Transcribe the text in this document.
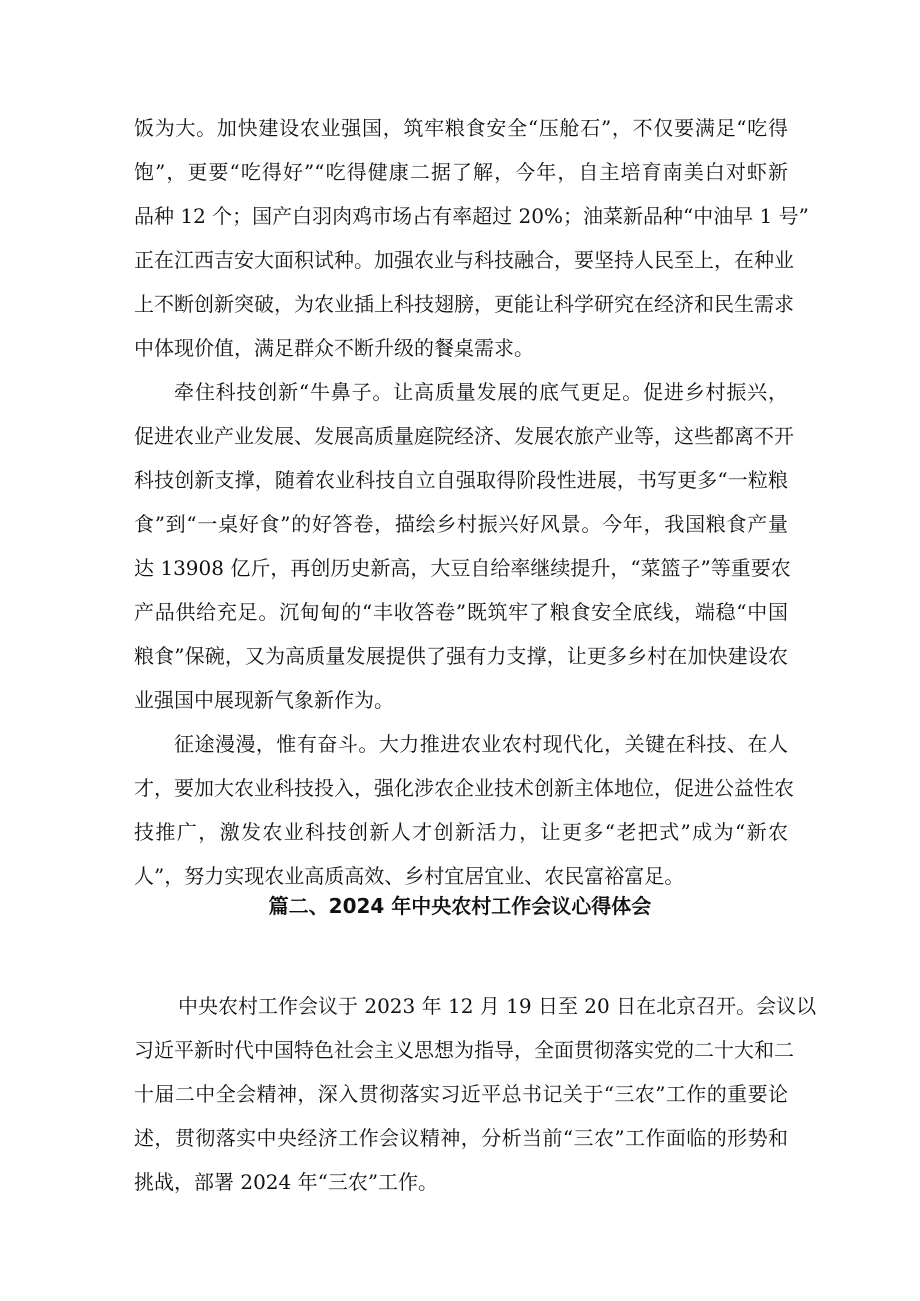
饭为大。加快建设农业强国，筑牢粮食安全“压舱石”，不仅要满足“吃得
饱”，更要“吃得好”“吃得健康二据了解，今年，自主培育南美白对虾新
品种 12 个；国产白羽肉鸡市场占有率超过 20%；油菜新品种“中油早 1 号”
正在江西吉安大面积试种。加强农业与科技融合，要坚持人民至上，在种业
上不断创新突破，为农业插上科技翅膀，更能让科学研究在经济和民生需求
中体现价值，满足群众不断升级的餐桌需求。
牵住科技创新“牛鼻子。让高质量发展的底气更足。促进乡村振兴，
促进农业产业发展、发展高质量庭院经济、发展农旅产业等，这些都离不开
科技创新支撑，随着农业科技自立自强取得阶段性进展，书写更多“一粒粮
食”到“一桌好食”的好答卷，描绘乡村振兴好风景。今年，我国粮食产量
达 13908 亿斤，再创历史新高，大豆自给率继续提升，“菜篮子”等重要农
产品供给充足。沉甸甸的“丰收答卷”既筑牢了粮食安全底线，端稳“中国
粮食”保碗，又为高质量发展提供了强有力支撑，让更多乡村在加快建设农
业强国中展现新气象新作为。
征途漫漫，惟有奋斗。大力推进农业农村现代化，关键在科技、在人
才，要加大农业科技投入，强化涉农企业技术创新主体地位，促进公益性农
技推广，激发农业科技创新人才创新活力，让更多“老把式”成为“新农
人”，努力实现农业高质高效、乡村宜居宜业、农民富裕富足。
篇二、2024 年中央农村工作会议心得体会
中央农村工作会议于 2023 年 12 月 19 日至 20 日在北京召开。会议以
习近平新时代中国特色社会主义思想为指导，全面贯彻落实党的二十大和二
十届二中全会精神，深入贯彻落实习近平总书记关于“三农”工作的重要论
述，贯彻落实中央经济工作会议精神，分析当前“三农”工作面临的形势和
挑战，部署 2024 年“三农”工作。
